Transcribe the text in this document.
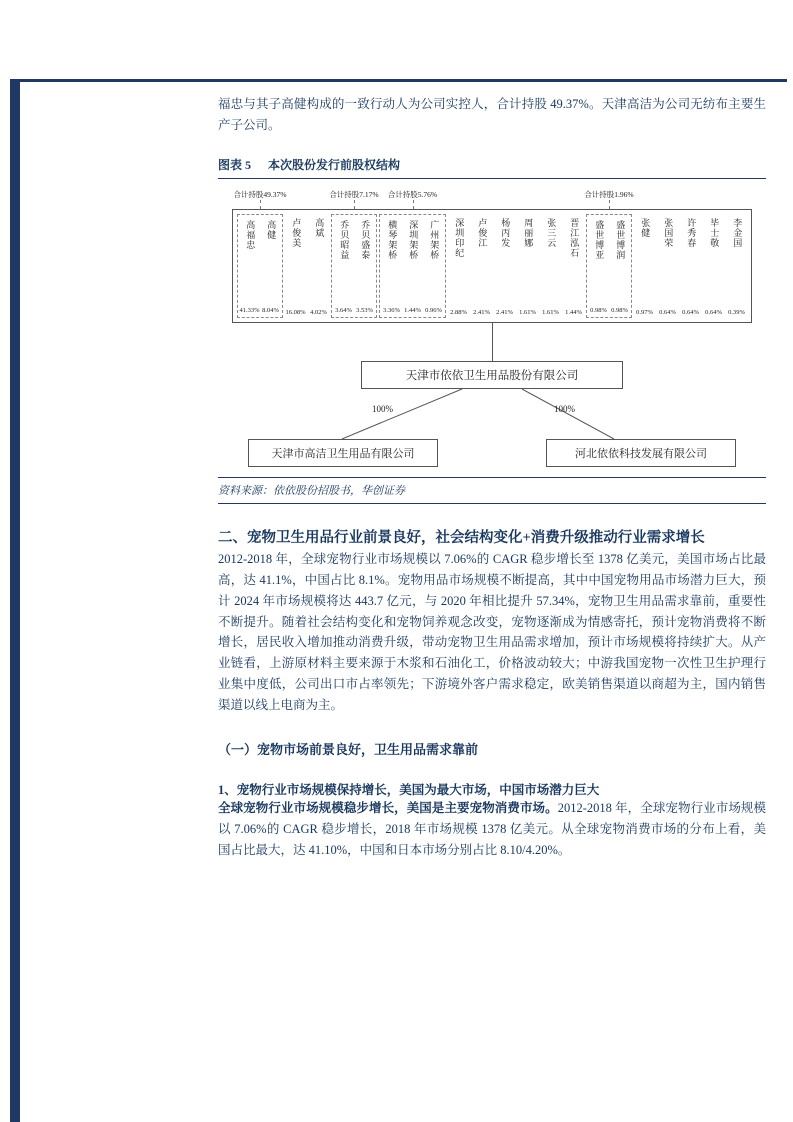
福忠与其子高健构成的一致行动人为公司实控人，合计持股 49.37%。天津高洁为公司无纺布主要生产子公司。

图表 5 本次股份发行前股权结构
合计持股49.37%	合计持股7.17% 合计持股5.76%	合计持股1.96%
高福忠
41.33%
高健
8.04%
卢俊美
16.08%
高斌
4.02%
乔贝昭益
3.64%
乔贝盛泰
3.53%
横琴架桥
3.36%
深圳架桥
1.44%
广州架桥
0.96%
深圳印纪
2.88%
卢俊江
2.41%
杨丙发
2.41%
周丽娜
1.61%
张三云
1.61%
晋江泓石
1.44%
盛世博亚
0.98%
盛世博润
0.98%
张健
0.97%
张国荣
0.64%
许秀春
0.64%
毕士敬
0.64%
李金国
0.39%
天津市依依卫生用品股份有限公司
100%	100%
天津市高洁卫生用品有限公司	河北依依科技发展有限公司
资料来源：依依股份招股书，华创证券
二、宠物卫生用品行业前景良好，社会结构变化+消费升级推动行业需求增长

2012-2018 年，全球宠物行业市场规模以 7.06%的 CAGR 稳步增长至 1378 亿美元，美国市场占比最高，达 41.1%，中国占比 8.1%。宠物用品市场规模不断提高，其中中国宠物用品市场潜力巨大，预计 2024 年市场规模将达 443.7 亿元，与 2020 年相比提升 57.34%，宠物卫生用品需求靠前，重要性不断提升。随着社会结构变化和宠物饲养观念改变，宠物逐渐成为情感寄托，预计宠物消费将不断增长，居民收入增加推动消费升级，带动宠物卫生用品需求增加，预计市场规模将持续扩大。从产业链看，上游原材料主要来源于木浆和石油化工，价格波动较大；中游我国宠物一次性卫生护理行业集中度低，公司出口市占率领先；下游境外客户需求稳定，欧美销售渠道以商超为主，国内销售渠道以线上电商为主。

（一）宠物市场前景良好，卫生用品需求靠前
1、宠物行业市场规模保持增长，美国为最大市场，中国市场潜力巨大

全球宠物行业市场规模稳步增长，美国是主要宠物消费市场。2012-2018 年，全球宠物行业市场规模以 7.06%的 CAGR 稳步增长，2018 年市场规模 1378 亿美元。从全球宠物消费市场的分布上看，美国占比最大，达 41.10%，中国和日本市场分别占比 8.10/4.20%。
